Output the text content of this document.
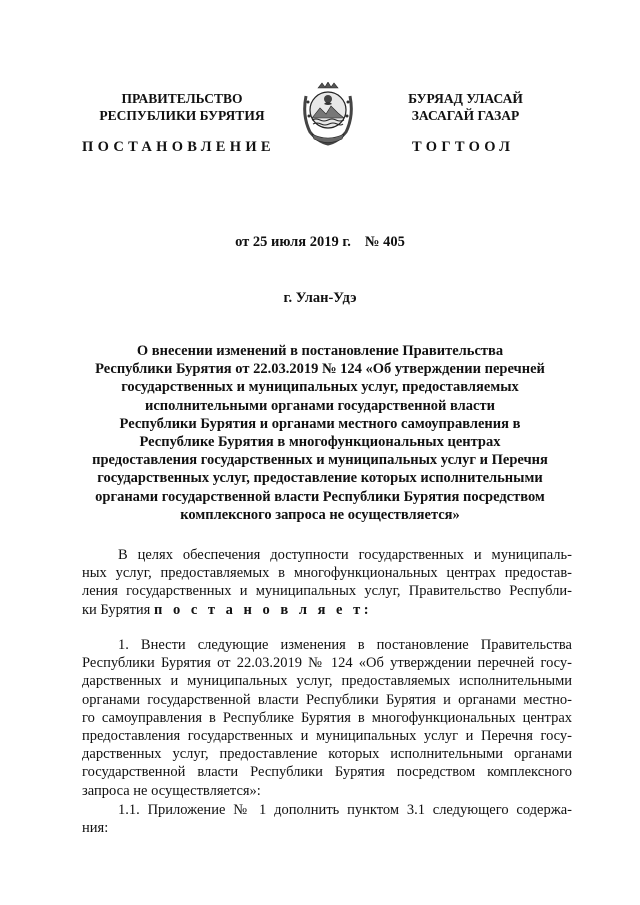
ПРАВИТЕЛЬСТВО
РЕСПУБЛИКИ БУРЯТИЯ
БУРЯАД УЛАСАЙ
ЗАСАГАЙ ГАЗАР
ПОСТАНОВЛЕНИЕ	ТОГТООЛ
от 25 июля 2019 г. № 405
г. Улан-Удэ
О внесении изменений в постановление Правительства
Республики Бурятия от 22.03.2019 № 124 «Об утверждении перечней
государственных и муниципальных услуг, предоставляемых
исполнительными органами государственной власти
Республики Бурятия и органами местного самоуправления в
Республике Бурятия в многофункциональных центрах
предоставления государственных и муниципальных услуг и Перечня
государственных услуг, предоставление которых исполнительными
органами государственной власти Республики Бурятия посредством
комплексного запроса не осуществляется»
В целях обеспечения доступности государственных и муниципаль-
ных услуг, предоставляемых в многофункциональных центрах предостав-
ления государственных и муниципальных услуг, Правительство Республи-
ки Бурятия п о с т а н о в л я е т:
1. Внести следующие изменения в постановление Правительства
Республики Бурятия от 22.03.2019 № 124 «Об утверждении перечней госу-
дарственных и муниципальных услуг, предоставляемых исполнительными
органами государственной власти Республики Бурятия и органами местно-
го самоуправления в Республике Бурятия в многофункциональных центрах
предоставления государственных и муниципальных услуг и Перечня госу-
дарственных услуг, предоставление которых исполнительными органами
государственной власти Республики Бурятия посредством комплексного
запроса не осуществляется»:
1.1. Приложение № 1 дополнить пунктом 3.1 следующего содержа-
ния:
